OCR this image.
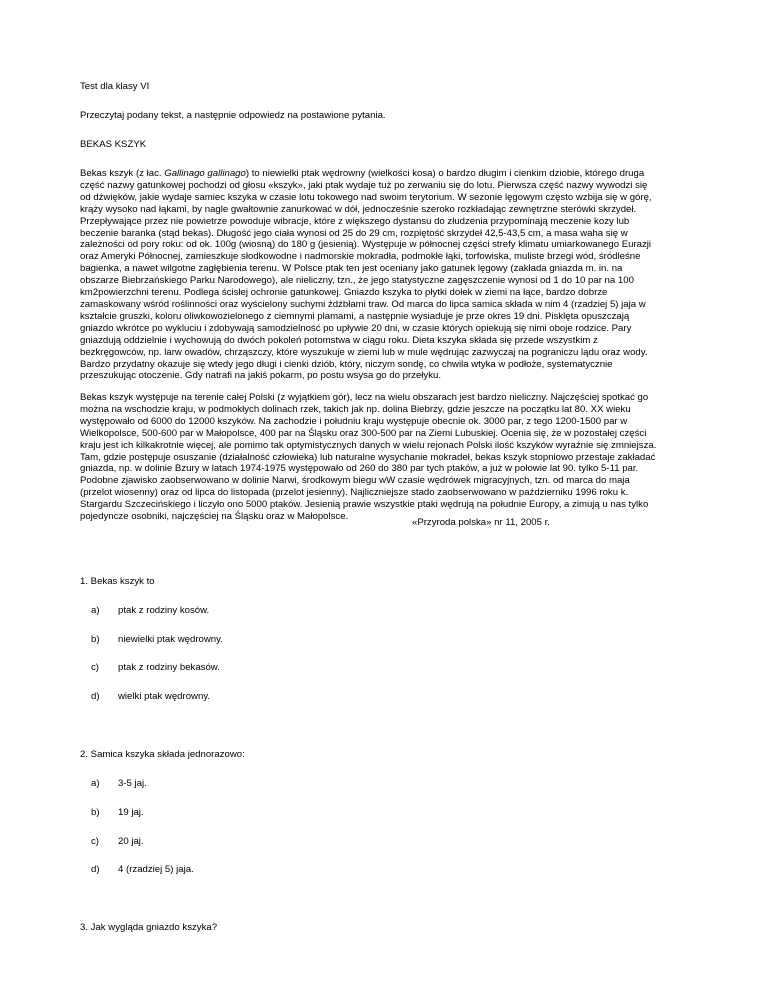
Test dla klasy VI
Przeczytaj podany tekst, a następnie odpowiedz na postawione pytania.
BEKAS KSZYK

Bekas kszyk (z łac. Gallinago gallinago) to niewielki ptak wędrowny (wielkości kosa) o bardzo długim i cienkim dziobie, którego druga

część nazwy gatunkowej pochodzi od głosu «kszyk», jaki ptak wydaje tuż po zerwaniu się do lotu. Pierwsza część nazwy wywodzi się

od dźwięków, jakie wydaje samiec kszyka w czasie lotu tokowego nad swoim terytorium. W sezonie lęgowym często wzbija się w górę,

krąży wysoko nad łąkami, by nagle gwałtownie zanurkować w dół, jednocześnie szeroko rozkładając zewnętrzne sterówki skrzydeł.

Przepływające przez nie powietrze powoduje wibracje, które z większego dystansu do złudzenia przypominają meczenie kozy lub

beczenie baranka (stąd bekas). Długość jego ciała wynosi od 25 do 29 cm, rozpiętość skrzydeł 42,5-43,5 cm, a masa waha się w

zależności od pory roku: od ok. 100g (wiosną) do 180 g (jesienią). Występuje w północnej części strefy klimatu umiarkowanego Eurazji

oraz Ameryki Północnej, zamieszkuje słodkowodne i nadmorskie mokradła, podmokłe łąki, torfowiska, muliste brzegi wód, śródleśne

bagienka, a nawet wilgotne zagłębienia terenu. W Polsce ptak ten jest oceniany jako gatunek lęgowy (zakłada gniazda m. in. na

obszarze Biebrzańskiego Parku Narodowego), ale nieliczny, tzn., że jego statystyczne zagęszczenie wynosi od 1 do 10 par na 100

km2powierzchni terenu. Podlega ścisłej ochronie gatunkowej. Gniazdo kszyka to płytki dołek w ziemi na łące, bardzo dobrze

zamaskowany wśród roślinności oraz wyścielony suchymi źdźbłami traw. Od marca do lipca samica składa w nim 4 (rzadziej 5) jaja w

kształcie gruszki, koloru oliwkowozielonego z ciemnymi plamami, a następnie wysiaduje je prze okres 19 dni. Pisklęta opuszczają

gniazdo wkrótce po wykluciu i zdobywają samodzielność po upływie 20 dni, w czasie których opiekują się nimi oboje rodzice. Pary

gniazdują oddzielnie i wychowują do dwóch pokoleń potomstwa w ciągu roku. Dieta kszyka składa się przede wszystkim z

bezkręgowców, np. larw owadów, chrząszczy, które wyszukuje w ziemi lub w mule wędrując zazwyczaj na pograniczu lądu oraz wody.

Bardzo przydatny okazuje się wtedy jego długi i cienki dziób, który, niczym sondę, co chwila wtyka w podłoże, systematycznie

przeszukując otoczenie. Gdy natrafi na jakiś pokarm, po postu wsysa go do przełyku.

Bekas kszyk występuje na terenie całej Polski (z wyjątkiem gór), lecz na wielu obszarach jest bardzo nieliczny. Najczęściej spotkać go

można na wschodzie kraju, w podmokłych dolinach rzek, takich jak np. dolina Biebrzy, gdzie jeszcze na początku lat 80. XX wieku

występowało od 6000 do 12000 kszyków. Na zachodzie i południu kraju występuje obecnie ok. 3000 par, z tego 1200-1500 par w

Wielkopolsce, 500-600 par w Małopolsce, 400 par na Śląsku oraz 300-500 par na Ziemi Lubuskiej. Ocenia się, że w pozostałej części

kraju jest ich kilkakrotnie więcej, ale pomimo tak optymistycznych danych w wielu rejonach Polski ilość kszyków wyraźnie się zmniejsza.

Tam, gdzie postępuje osuszanie (działalność człowieka) lub naturalne wysychanie mokradeł, bekas kszyk stopniowo przestaje zakładać

gniazda, np. w dolinie Bzury w latach 1974-1975 występowało od 260 do 380 par tych ptaków, a już w połowie lat 90. tylko 5-11 par.

Podobne zjawisko zaobserwowano w dolinie Narwi, środkowym biegu wW czasie wędrówek migracyjnych, tzn. od marca do maja

(przelot wiosenny) oraz od lipca do listopada (przelot jesienny). Najliczniejsze stado zaobserwowano w październiku 1996 roku k.

Stargardu Szczecińskiego i liczyło ono 5000 ptaków. Jesienią prawie wszystkie ptaki wędrują na południe Europy, a zimują u nas tylko

pojedyncze osobniki, najczęściej na Śląsku oraz w Małopolsce.

«Przyroda polska» nr 11, 2005 r.
1. Bekas kszyk to
a) ptak z rodziny kosów.
b) niewielki ptak wędrowny.
c) ptak z rodziny bekasów.
d) wielki ptak wędrowny.
2. Samica kszyka składa jednorazowo:
a) 3-5 jaj.
b) 19 jaj.
c) 20 jaj.
d) 4 (rzadziej 5) jaja.
3. Jak wygląda gniazdo kszyka?
